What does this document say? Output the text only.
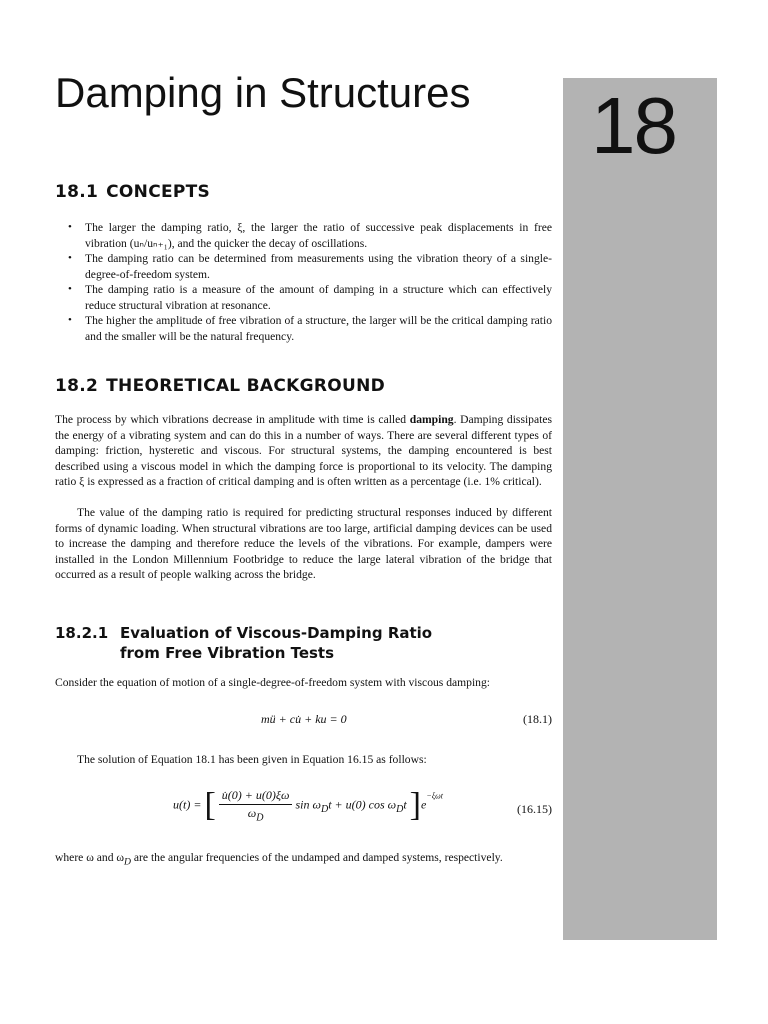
18
Damping in Structures
18.1 CONCEPTS
• The larger the damping ratio, ξ, the larger the ratio of successive peak displacements in free vibration (uₙ/uₙ₊₁), and the quicker the decay of oscillations.
• The damping ratio can be determined from measurements using the vibration theory of a single-degree-of-freedom system.
• The damping ratio is a measure of the amount of damping in a structure which can effectively reduce structural vibration at resonance.
• The higher the amplitude of free vibration of a structure, the larger will be the critical damping ratio and the smaller will be the natural frequency.
18.2 THEORETICAL BACKGROUND

The process by which vibrations decrease in amplitude with time is called damping. Damping dissipates the energy of a vibrating system and can do this in a number of ways. There are several different types of damping: friction, hysteretic and viscous. For structural systems, the damping encountered is best described using a viscous model in which the damping force is proportional to its velocity. The damping ratio ξ is expressed as a fraction of critical damping and is often written as a percentage (i.e. 1% critical).

The value of the damping ratio is required for predicting structural responses induced by different forms of dynamic loading. When structural vibrations are too large, artificial damping devices can be used to increase the damping and therefore reduce the levels of the vibrations. For example, dampers were installed in the London Millennium Footbridge to reduce the large lateral vibration of the bridge that occurred as a result of people walking across the bridge.

18.2.1 Evaluation of Viscous-Damping Ratio
from Free Vibration Tests

Consider the equation of motion of a single-degree-of-freedom system with viscous damping:

mü + cu̇ + ku = 0	(18.1)

The solution of Equation 18.1 has been given in Equation 16.15 as follows:

u(t) = [ $\frac{u̇(0) + u(0)\xi\omega}{\omega_D}$ $\sin \omega_Dt + u(0)$ $\cos \omega_Dt$ ]$e^{-\xi\omega t}$
(16.15)

where ω and $\omega_D$ are the angular frequencies of the undamped and damped systems, respectively.
